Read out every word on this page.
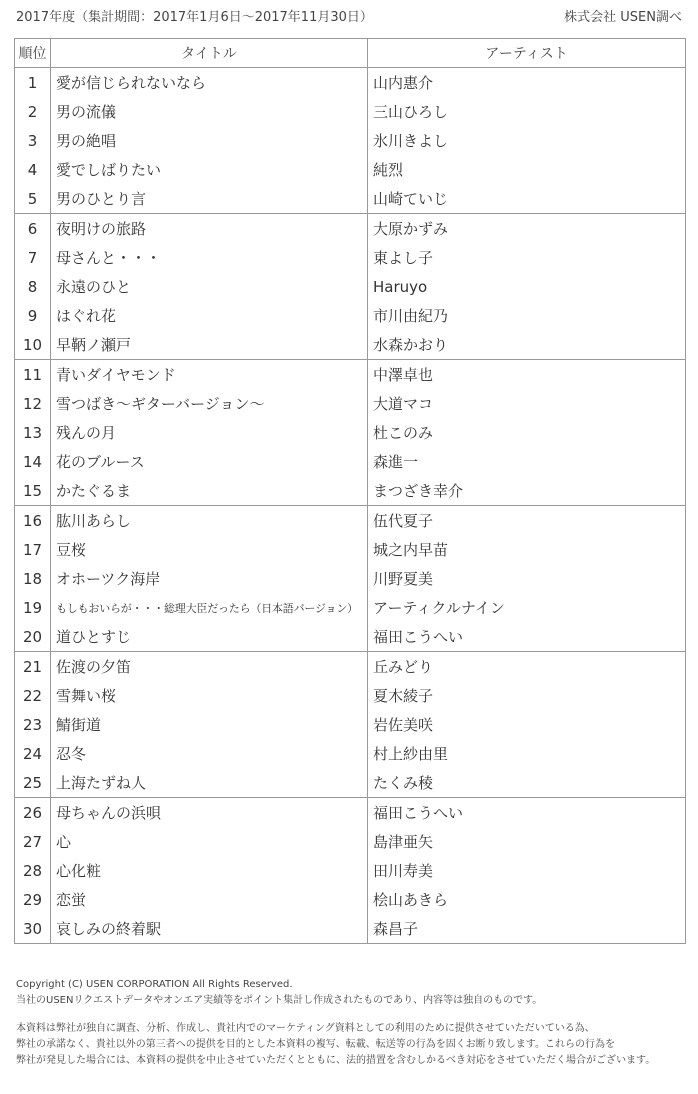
2017年度（集計期間：2017年1月6日～2017年11月30日）	株式会社 USEN調べ
順位	タイトル	アーティスト
1	愛が信じられないなら	山内惠介
2	男の流儀	三山ひろし
3	男の絶唱	氷川きよし
4	愛でしばりたい	純烈
5	男のひとり言	山崎ていじ
6	夜明けの旅路	大原かずみ
7	母さんと・・・	東よし子
8	永遠のひと	Haruyo
9	はぐれ花	市川由紀乃
10	早鞆ノ瀬戸	水森かおり
11	青いダイヤモンド	中澤卓也
12	雪つばき～ギターバージョン～	大道マコ
13	残んの月	杜このみ
14	花のブルース	森進一
15	かたぐるま	まつざき幸介
16	肱川あらし	伍代夏子
17	豆桜	城之内早苗
18	オホーツク海岸	川野夏美
19	もしもおいらが・・・総理大臣だったら（日本語バージョン）	アーティクルナイン
20	道ひとすじ	福田こうへい
21	佐渡の夕笛	丘みどり
22	雪舞い桜	夏木綾子
23	鯖街道	岩佐美咲
24	忍冬	村上紗由里
25	上海たずね人	たくみ稜
26	母ちゃんの浜唄	福田こうへい
27	心	島津亜矢
28	心化粧	田川寿美
29	恋蛍	桧山あきら
30	哀しみの終着駅	森昌子

Copyright (C) USEN CORPORATION All Rights Reserved.

当社のUSENリクエストデータやオンエア実績等をポイント集計し作成されたものであり、内容等は独自のものです。

本資料は弊社が独自に調査、分析、作成し、貴社内でのマーケティング資料としての利用のために提供させていただいている為、

弊社の承諾なく、貴社以外の第三者への提供を目的とした本資料の複写、転載、転送等の行為を固くお断り致します。これらの行為を

弊社が発見した場合には、本資料の提供を中止させていただくとともに、法的措置を含むしかるべき対応をさせていただく場合がございます。
